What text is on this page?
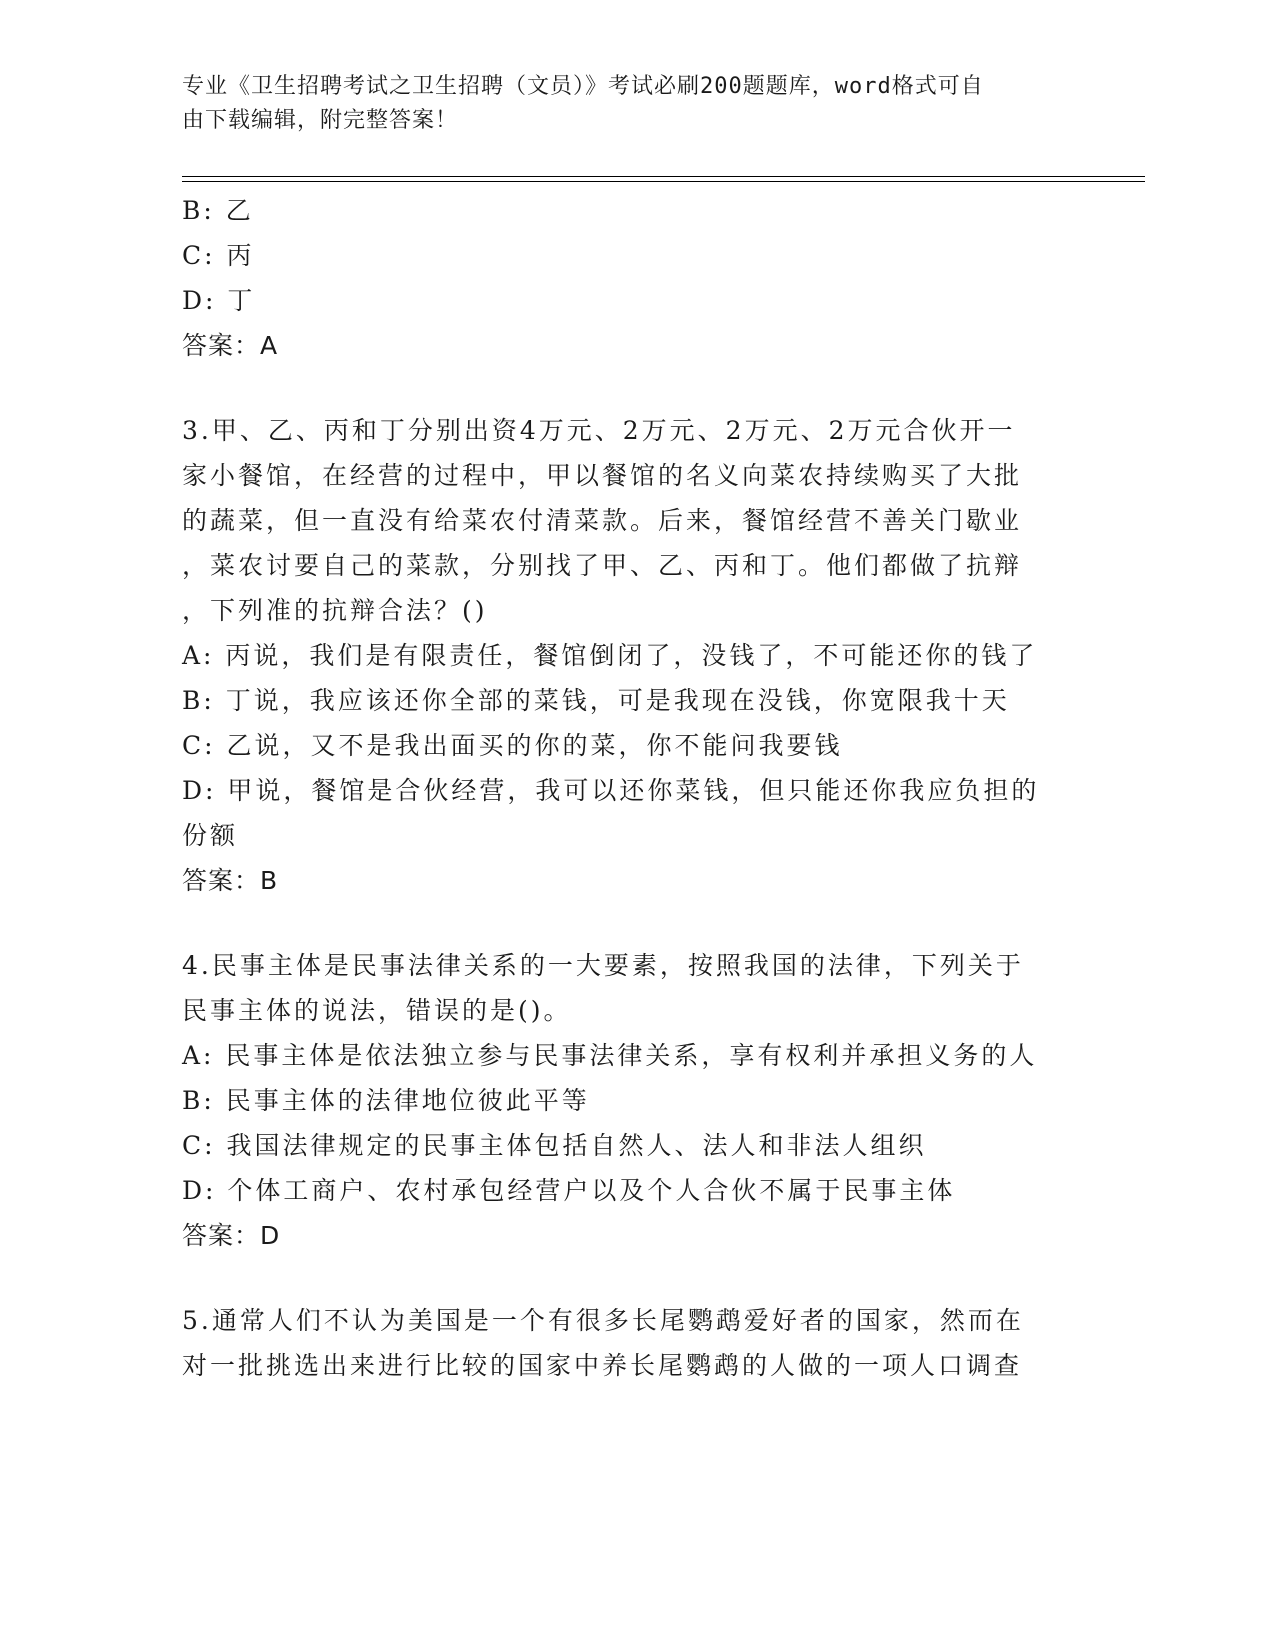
专业《卫生招聘考试之卫生招聘（文员）》考试必刷200题题库，word格式可自
由下载编辑，附完整答案！
B: 乙
C: 丙
D: 丁
答案：A
3.甲、乙、丙和丁分别出资4万元、2万元、2万元、2万元合伙开一
家小餐馆，在经营的过程中，甲以餐馆的名义向菜农持续购买了大批
的蔬菜，但一直没有给菜农付清菜款。后来，餐馆经营不善关门歇业
，菜农讨要自己的菜款，分别找了甲、乙、丙和丁。他们都做了抗辩
，下列准的抗辩合法？()
A: 丙说，我们是有限责任，餐馆倒闭了，没钱了，不可能还你的钱了
B: 丁说，我应该还你全部的菜钱，可是我现在没钱，你宽限我十天
C: 乙说，又不是我出面买的你的菜，你不能问我要钱
D: 甲说，餐馆是合伙经营，我可以还你菜钱，但只能还你我应负担的
份额
答案：B
4.民事主体是民事法律关系的一大要素，按照我国的法律，下列关于
民事主体的说法，错误的是()。
A: 民事主体是依法独立参与民事法律关系，享有权利并承担义务的人
B: 民事主体的法律地位彼此平等
C: 我国法律规定的民事主体包括自然人、法人和非法人组织
D: 个体工商户、农村承包经营户以及个人合伙不属于民事主体
答案：D
5.通常人们不认为美国是一个有很多长尾鹦鹉爱好者的国家，然而在
对一批挑选出来进行比较的国家中养长尾鹦鹉的人做的一项人口调查
